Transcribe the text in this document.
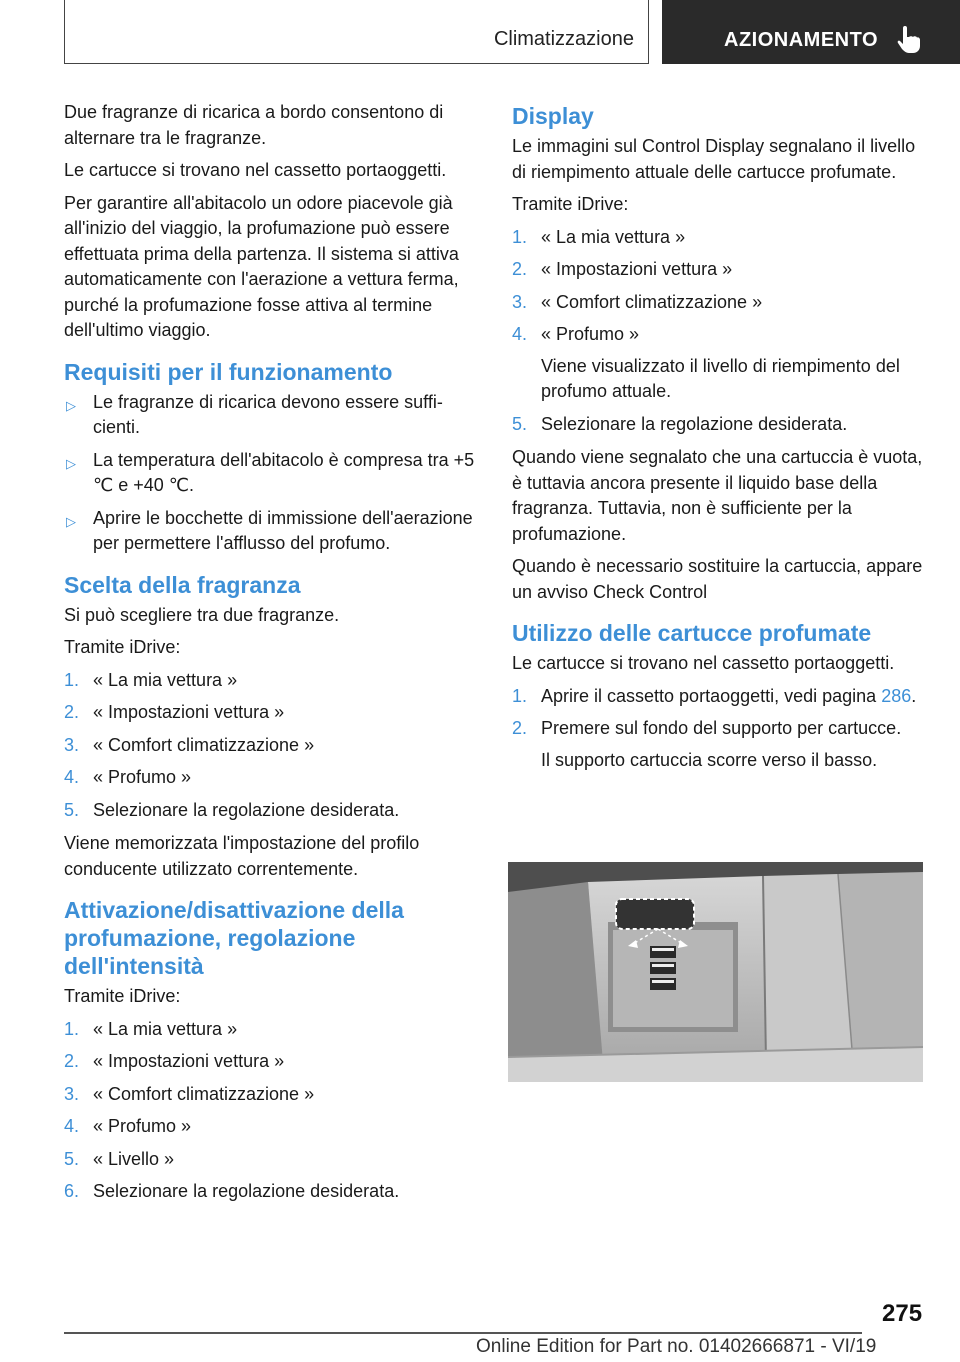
Climatizzazione	AZIONAMENTO

Due fragranze di ricarica a bordo consentono di alternare tra le fragranze.

Le cartucce si trovano nel cassetto portaoggetti.

Per garantire all'abitacolo un odore piacevole già all'inizio del viaggio, la profumazione può essere effettuata prima della partenza. Il sistema si attiva automaticamente con l'aerazione a vettura ferma, purché la profumazione fosse attiva al termine dell'ultimo viaggio.

Requisiti per il funzionamento
▷ Le fragranze di ricarica devono essere sufficienti.
▷ La temperatura dell'abitacolo è compresa tra +5 ℃ e +40 ℃.
▷ Aprire le bocchette di immissione dell'aerazione per permettere l'afflusso del profumo.
Scelta della fragranza

Si può scegliere tra due fragranze.

Tramite iDrive:

1. « La mia vettura »
2. « Impostazioni vettura »
3. « Comfort climatizzazione »
4. « Profumo »
5. Selezionare la regolazione desiderata.

Viene memorizzata l'impostazione del profilo conducente utilizzato correntemente.

Attivazione/disattivazione della profumazione, regolazione dell'intensità

Tramite iDrive:

1. « La mia vettura »
2. « Impostazioni vettura »
3. « Comfort climatizzazione »
4. « Profumo »
5. « Livello »
6. Selezionare la regolazione desiderata.
Display

Le immagini sul Control Display segnalano il livello di riempimento attuale delle cartucce profumate.

Tramite iDrive:

1. « La mia vettura »
2. « Impostazioni vettura »
3. « Comfort climatizzazione »
4. « Profumo »
Viene visualizzato il livello di riempimento del profumo attuale.
5. Selezionare la regolazione desiderata.

Quando viene segnalato che una cartuccia è vuota, è tuttavia ancora presente il liquido base della fragranza. Tuttavia, non è sufficiente per la profumazione.

Quando è necessario sostituire la cartuccia, appare un avviso Check Control

Utilizzo delle cartucce profumate

Le cartucce si trovano nel cassetto portaoggetti.

1. Aprire il cassetto portaoggetti, vedi pagina 286.
2. Premere sul fondo del supporto per cartucce.
Il supporto cartuccia scorre verso il basso.
275
Online Edition for Part no. 01402666871 - VI/19
